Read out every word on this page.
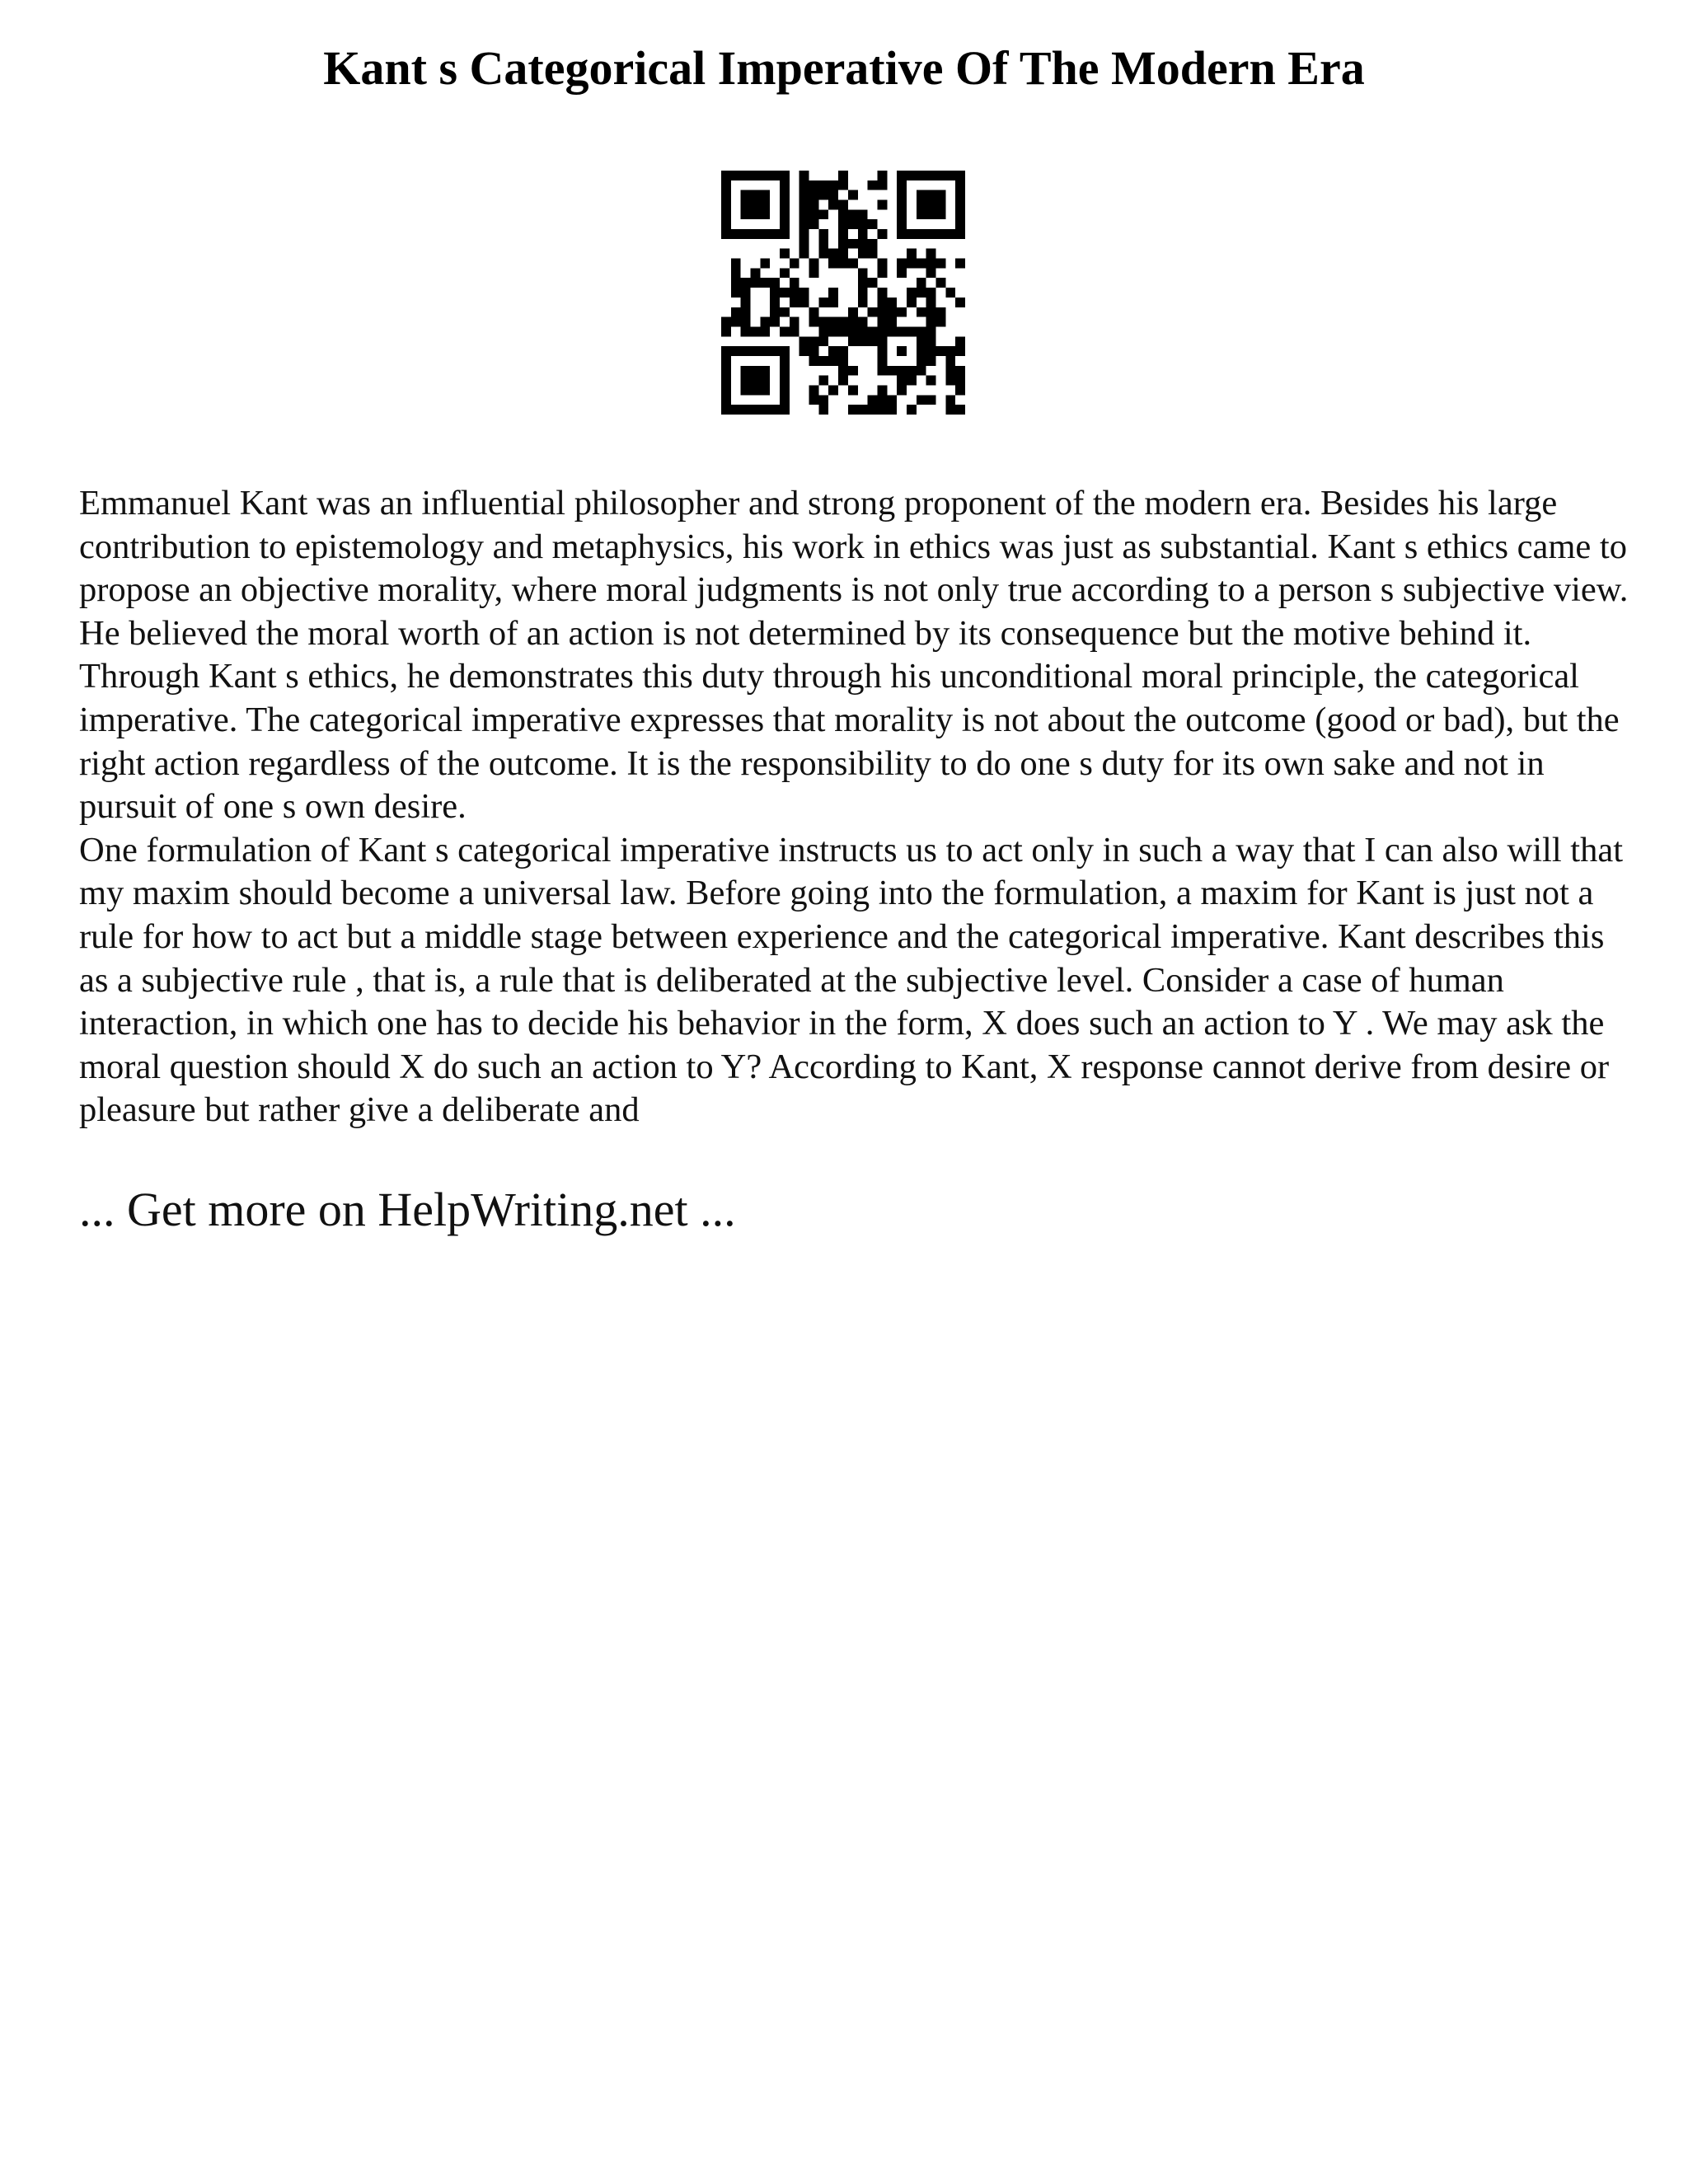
Kant s Categorical Imperative Of The Modern Era

Emmanuel Kant was an influential philosopher and strong proponent of the modern era. Besides his large contribution to epistemology and metaphysics, his work in ethics was just as substantial. Kant s ethics came to propose an objective morality, where moral judgments is not only true according to a person s subjective view. He believed the moral worth of an action is not determined by its consequence but the motive behind it. Through Kant s ethics, he demonstrates this duty through his unconditional moral principle, the categorical imperative. The categorical imperative expresses that morality is not about the outcome (good or bad), but the right action regardless of the outcome. It is the responsibility to do one s duty for its own sake and not in pursuit of one s own desire.

One formulation of Kant s categorical imperative instructs us to act only in such a way that I can also will that my maxim should become a universal law. Before going into the formulation, a maxim for Kant is just not a rule for how to act but a middle stage between experience and the categorical imperative. Kant describes this as a subjective rule , that is, a rule that is deliberated at the subjective level. Consider a case of human interaction, in which one has to decide his behavior in the form, X does such an action to Y . We may ask the moral question should X do such an action to Y? According to Kant, X response cannot derive from desire or pleasure but rather give a deliberate and

... Get more on HelpWriting.net ...
